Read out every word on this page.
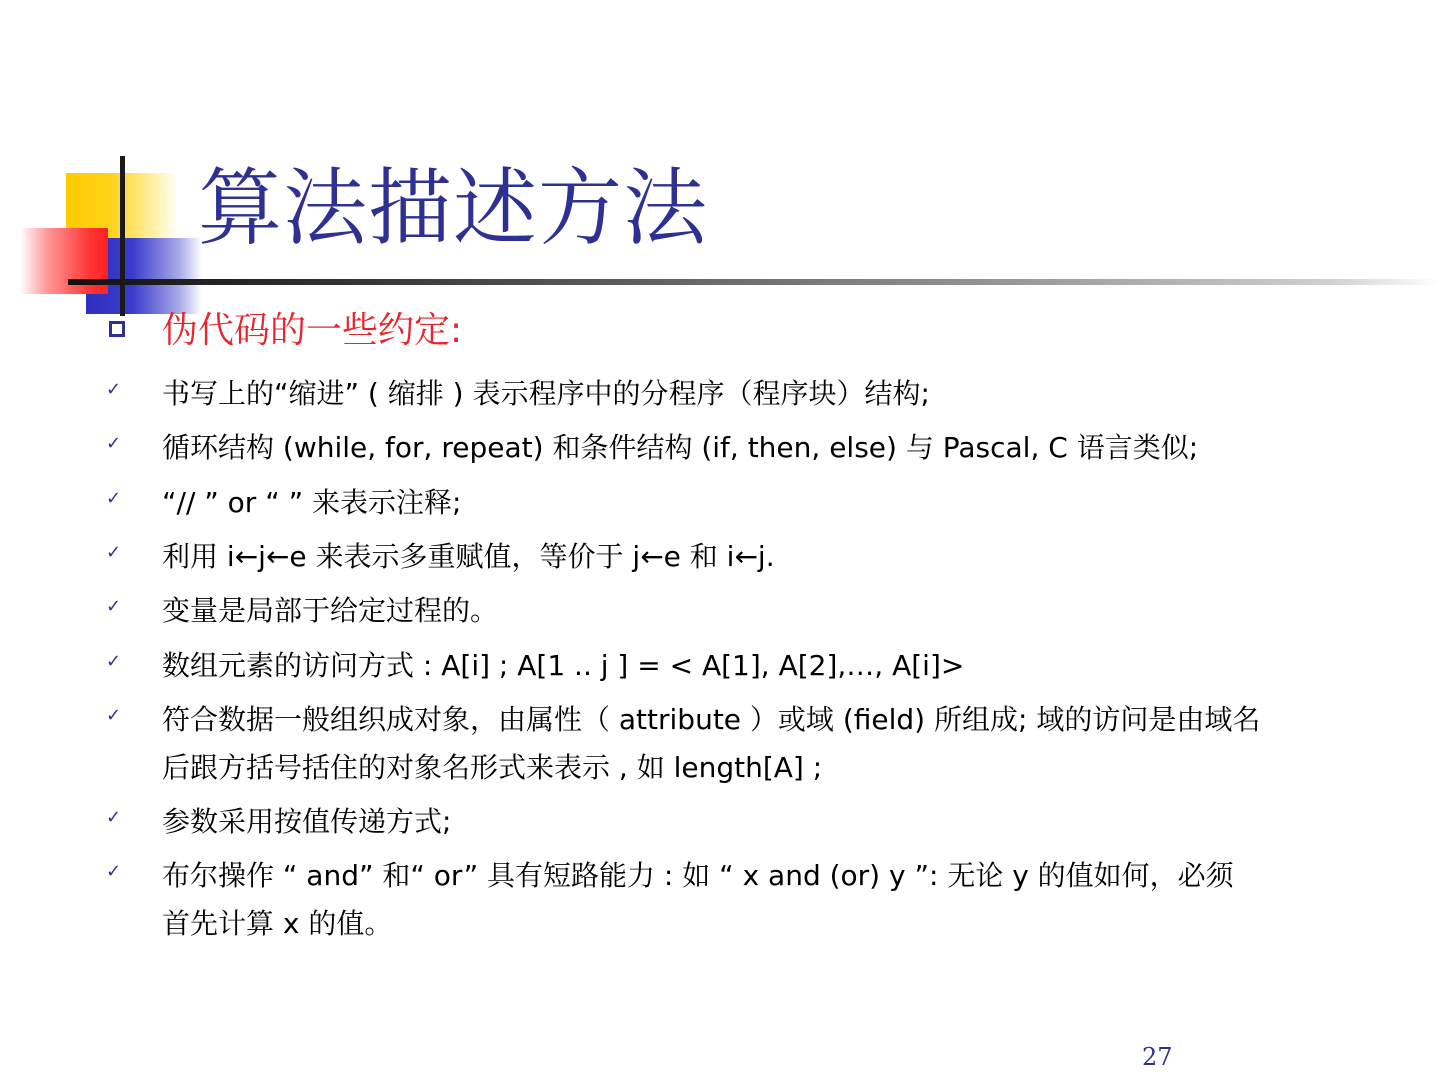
算法描述方法
伪代码的一些约定:
✓ 书写上的“缩进” ( 缩排 ) 表示程序中的分程序（程序块）结构;
✓ 循环结构 (while, for, repeat) 和条件结构 (if, then, else) 与 Pascal, C 语言类似;
✓ “// ” or “ ” 来表示注释;
✓ 利用 i←j←e 来表示多重赋值，等价于 j←e 和 i←j.
✓ 变量是局部于给定过程的。
✓ 数组元素的访问方式 : A[i] ; A[1 .. j ] = < A[1], A[2],…, A[i]>
✓ 符合数据一般组织成对象，由属性（ attribute ）或域 (field) 所组成; 域的访问是由域名
后跟方括号括住的对象名形式来表示 , 如 length[A] ;
✓ 参数采用按值传递方式;
✓ 布尔操作 “ and” 和“ or” 具有短路能力 : 如 “ x and (or) y ”: 无论 y 的值如何，必须
首先计算 x 的值。

27
